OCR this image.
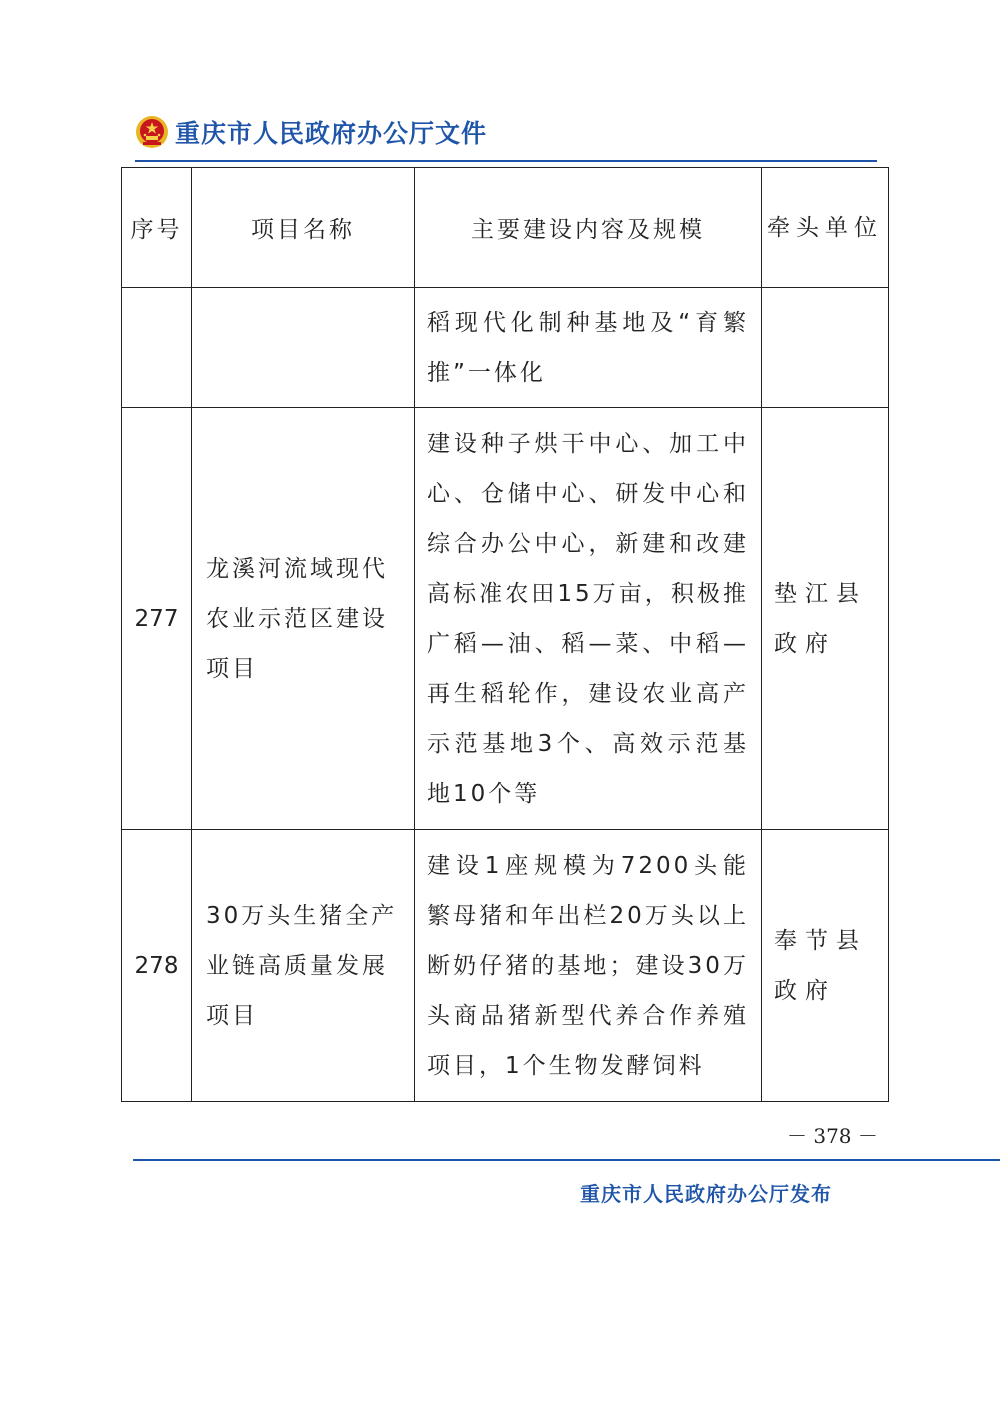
重庆市人民政府办公厅文件
序号	项目名称	主要建设内容及规模	牵头单位

		稻现代化制种基地及“育繁推”一体化	

277	龙溪河流域现代农业示范区建设项目	建设种子烘干中心、加工中心、仓储中心、研发中心和综合办公中心，新建和改建高标准农田15万亩，积极推广稻—油、稻—菜、中稻—再生稻轮作，建设农业高产示范基地3个、高效示范基地10个等	垫江县政府

278	30万头生猪全产业链高质量发展项目	建设1座规模为7200头能繁母猪和年出栏20万头以上断奶仔猪的基地；建设30万头商品猪新型代养合作养殖项目，1个生物发酵饲料	奉节县政府
－ 378 －
重庆市人民政府办公厅发布
